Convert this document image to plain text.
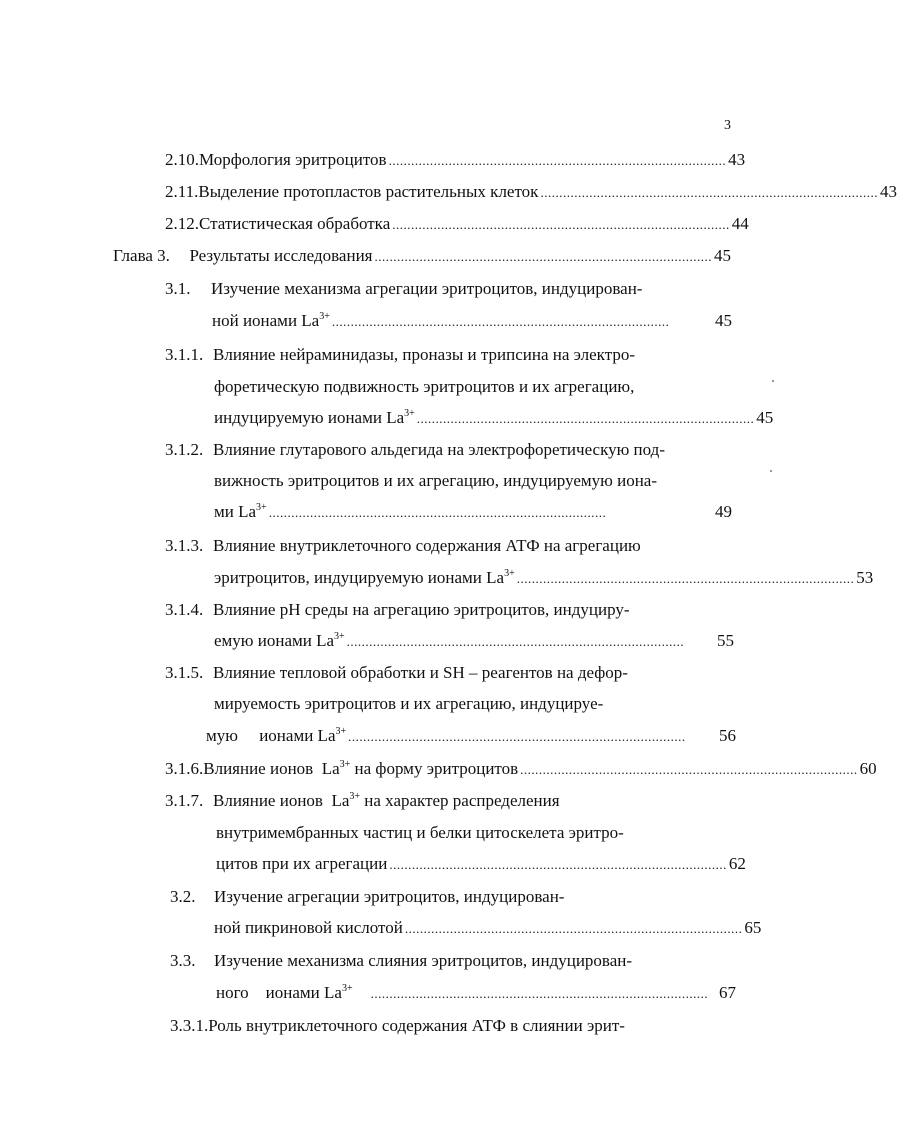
3
2.10. Морфология эритроцитов .......................................................................................... 43
2.11. Выделение протопластов растительных клеток .......................................................................................... 43
2.12. Статистическая обработка .......................................................................................... 44
Глава 3.	Результаты исследования .......................................................................................... 45
3.1.	Изучение механизма агрегации эритроцитов, индуцирован-
ной ионами $La^{3+}$ ..........................................................................................	45
3.1.1. Влияние нейраминидазы, проназы и трипсина на электро-
форетическую подвижность эритроцитов и их агрегацию,
индуцируемую ионами $La^{3+}$ .......................................................................................... 45
3.1.2. Влияние глутарового альдегида на электрофоретическую под-
вижность эритроцитов и их агрегацию, индуцируемую иона-
ми $La^{3+}$ ..........................................................................................	49
3.1.3. Влияние внутриклеточного содержания АТФ на агрегацию
эритроцитов, индуцируемую ионами $La^{3+}$ .......................................................................................... 53
3.1.4. Влияние pH среды на агрегацию эритроцитов, индуциру-
емую ионами $La^{3+}$ ..........................................................................................	55
3.1.5. Влияние тепловой обработки и SH – реагентов на дефор-
мируемость эритроцитов и их агрегацию, индуцируе-
мую     ионами $La^{3+}$ ..........................................................................................	56
3.1.6. Влияние ионов  $La^{3+}$ на форму эритроцитов .......................................................................................... 60
3.1.7. Влияние ионов  $La^{3+}$ на характер распределения
внутримембранных частиц и белки цитоскелета эритро-
цитов при их агрегации .......................................................................................... 62
3.2.	Изучение агрегации эритроцитов, индуцирован-
ной пикриновой кислотой .......................................................................................... 65
3.3.	Изучение механизма слияния эритроцитов, индуцирован-
ного    ионами $La^{3+}$ .......................................................................................... 67
3.3.1. Роль внутриклеточного содержания АТФ в слиянии эрит-
